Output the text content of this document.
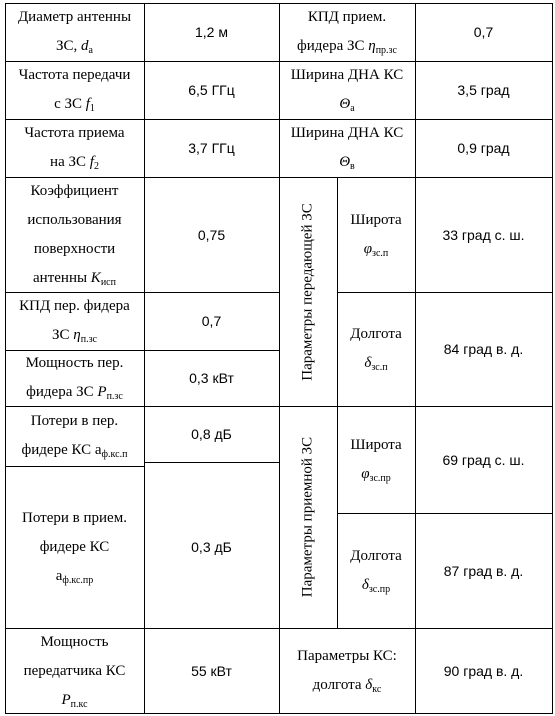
Диаметр антенны
ЗС, $d_a$
1,2 м
КПД прием.
фидера ЗС $\eta_{пр.зс}$
0,7
Частота передачи
с ЗС $f_1$
6,5 ГГц
Ширина ДНА КС
$\Theta_а$
3,5 град
Частота приема
на ЗС $f_2$
3,7 ГГц
Ширина ДНА КС
$\Theta_в$
0,9 град
Коэффициент
использования
поверхности
антенны $K_{исп}$
0,75
КПД пер. фидера
ЗС $\eta_{п.зс}$
0,7
Мощность пер.
фидера ЗС $P_{п.зс}$
0,3 кВт
Потери в пер.
фидере КС $а_{ф.кс.п}$
0,8 дБ
Потери в прием.
фидере КС
$а_{ф.кс.пр}$
0,3 дБ
Параметры передающей ЗС Широта
$\varphi_{зс.п}$
33 град с. ш.
Долгота
$\delta_{зс.п}$
84 град в. д.
Параметры приемной ЗС Широта
$\varphi_{зс.пр}$
69 град с. ш.
Долгота
$\delta_{зс.пр}$
87 град в. д.
Мощность
передатчика КС
$P_{п.кс}$
55 кВт
Параметры КС:
долгота $\delta_{кс}$
90 град в. д.
